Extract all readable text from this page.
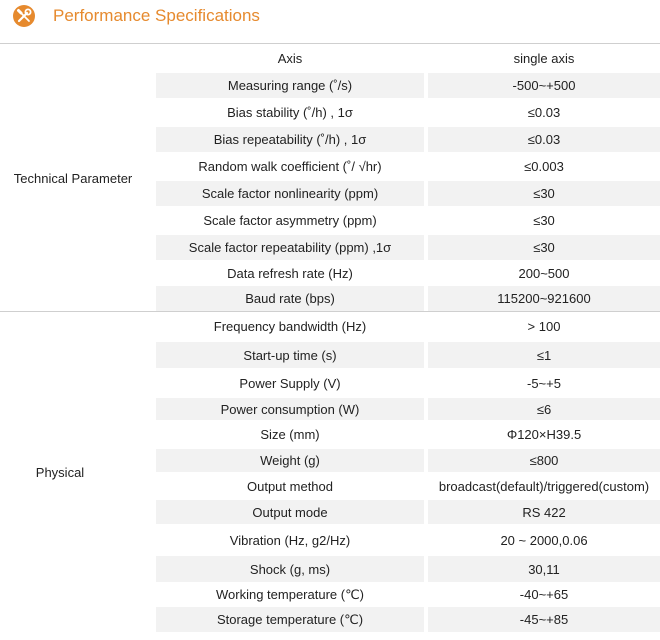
Performance Specifications
Axis	single axis
Measuring range (˚/s)	-500~+500
Bias stability (˚/h) , 1σ	≤0.03
Bias repeatability (˚/h) , 1σ	≤0.03
Random walk coefficient (˚/ √hr)	≤0.003
Scale factor nonlinearity (ppm)	≤30
Scale factor asymmetry (ppm)	≤30
Scale factor repeatability (ppm) ,1σ	≤30
Data refresh rate (Hz)	200~500
Baud rate (bps)	115200~921600
Technical Parameter
Frequency bandwidth (Hz)	> 100
Start-up time (s)	≤1
Power Supply (V)	-5~+5
Power consumption (W)	≤6
Size (mm)	Φ120×H39.5
Weight (g)	≤800
Output method	broadcast(default)/triggered(custom)
Output mode	RS 422
Vibration (Hz, g2/Hz)	20 ~ 2000,0.06
Shock (g, ms)	30,11
Working temperature (℃)	-40~+65
Storage temperature (℃)	-45~+85
Physical
